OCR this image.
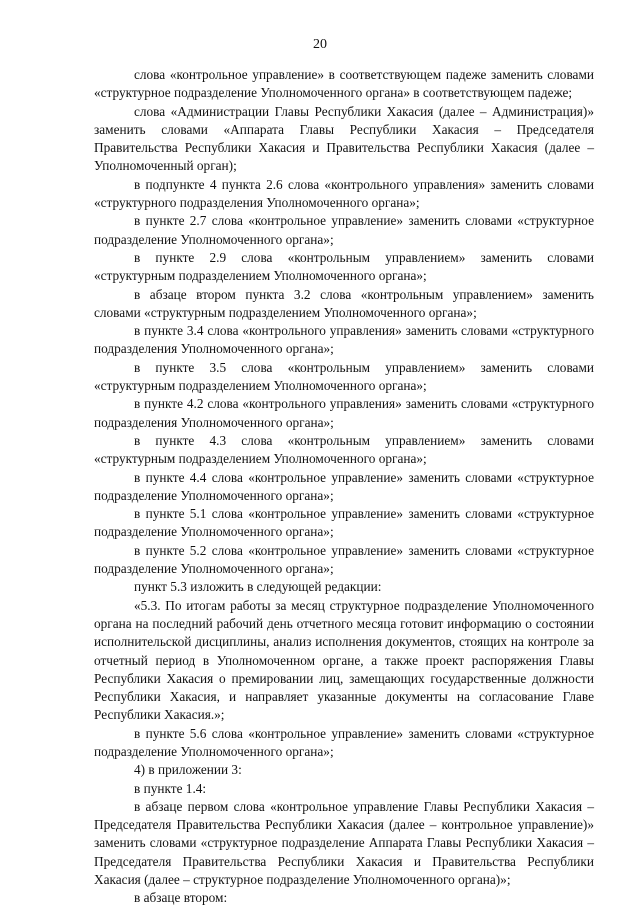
20

слова «контрольное управление» в соответствующем падеже заменить словами «структурное подразделение Уполномоченного органа» в соответствующем падеже;

слова «Администрации Главы Республики Хакасия (далее – Администрация)» заменить словами «Аппарата Главы Республики Хакасия – Председателя Правительства Республики Хакасия и Правительства Республики Хакасия (далее – Уполномоченный орган);

в подпункте 4 пункта 2.6 слова «контрольного управления» заменить словами «структурного подразделения Уполномоченного органа»;

в пункте 2.7 слова «контрольное управление» заменить словами «структурное подразделение Уполномоченного органа»;

в пункте 2.9 слова «контрольным управлением» заменить словами «структурным подразделением Уполномоченного органа»;

в абзаце втором пункта 3.2 слова «контрольным управлением» заменить словами «структурным подразделением Уполномоченного органа»;

в пункте 3.4 слова «контрольного управления» заменить словами «структурного подразделения Уполномоченного органа»;

в пункте 3.5 слова «контрольным управлением» заменить словами «структурным подразделением Уполномоченного органа»;

в пункте 4.2 слова «контрольного управления» заменить словами «структурного подразделения Уполномоченного органа»;

в пункте 4.3 слова «контрольным управлением» заменить словами «структурным подразделением Уполномоченного органа»;

в пункте 4.4 слова «контрольное управление» заменить словами «структурное подразделение Уполномоченного органа»;

в пункте 5.1 слова «контрольное управление» заменить словами «структурное подразделение Уполномоченного органа»;

в пункте 5.2 слова «контрольное управление» заменить словами «структурное подразделение Уполномоченного органа»;

пункт 5.3 изложить в следующей редакции:

«5.3. По итогам работы за месяц структурное подразделение Уполномоченного органа на последний рабочий день отчетного месяца готовит информацию о состоянии исполнительской дисциплины, анализ исполнения документов, стоящих на контроле за отчетный период в Уполномоченном органе, а также проект распоряжения Главы Республики Хакасия о премировании лиц, замещающих государственные должности Республики Хакасия, и направляет указанные документы на согласование Главе Республики Хакасия.»;

в пункте 5.6 слова «контрольное управление» заменить словами «структурное подразделение Уполномоченного органа»;

4) в приложении 3:

в пункте 1.4:

в абзаце первом слова «контрольное управление Главы Республики Хакасия – Председателя Правительства Республики Хакасия (далее – контрольное управление)» заменить словами «структурное подразделение Аппарата Главы Республики Хакасия – Председателя Правительства Республики Хакасия и Правительства Республики Хакасия (далее – структурное подразделение Уполномоченного органа)»;

в абзаце втором:
